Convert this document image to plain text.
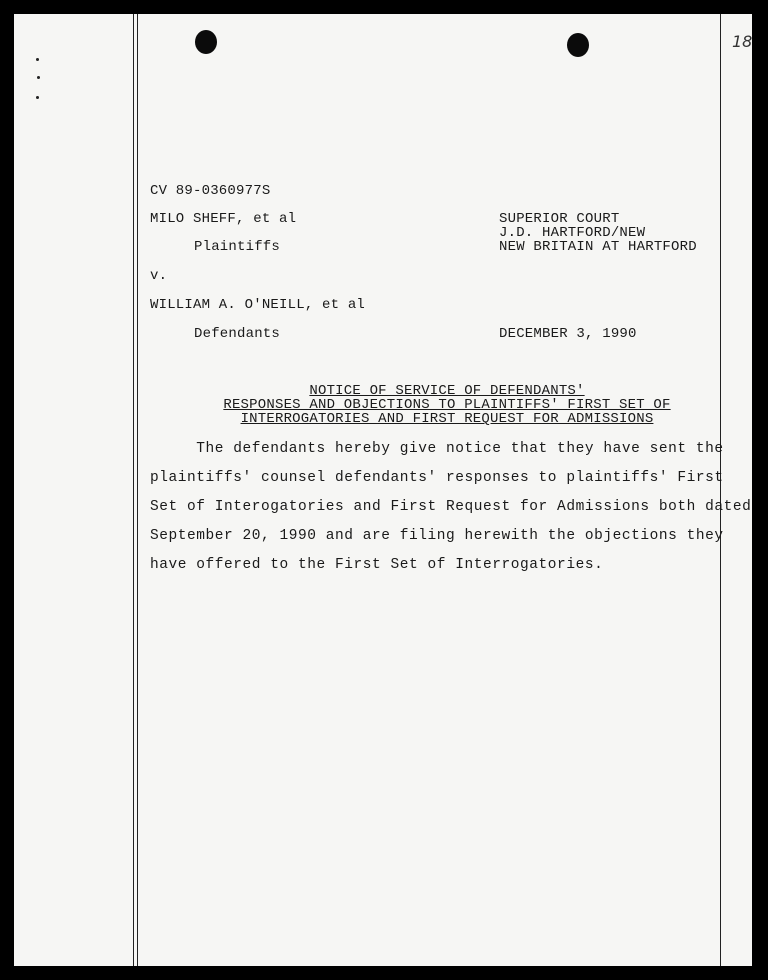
18
CV 89-0360977S
MILO SHEFF, et al
Plaintiffs
v.
WILLIAM A. O'NEILL, et al
Defendants
SUPERIOR COURT
J.D. HARTFORD/NEW
NEW BRITAIN AT HARTFORD
DECEMBER 3, 1990
NOTICE OF SERVICE OF DEFENDANTS'
RESPONSES AND OBJECTIONS TO PLAINTIFFS' FIRST SET OF
INTERROGATORIES AND FIRST REQUEST FOR ADMISSIONS
The defendants hereby give notice that they have sent the
plaintiffs' counsel defendants' responses to plaintiffs' First
Set of Interogatories and First Request for Admissions both dated
September 20, 1990 and are filing herewith the objections they
have offered to the First Set of Interrogatories.
